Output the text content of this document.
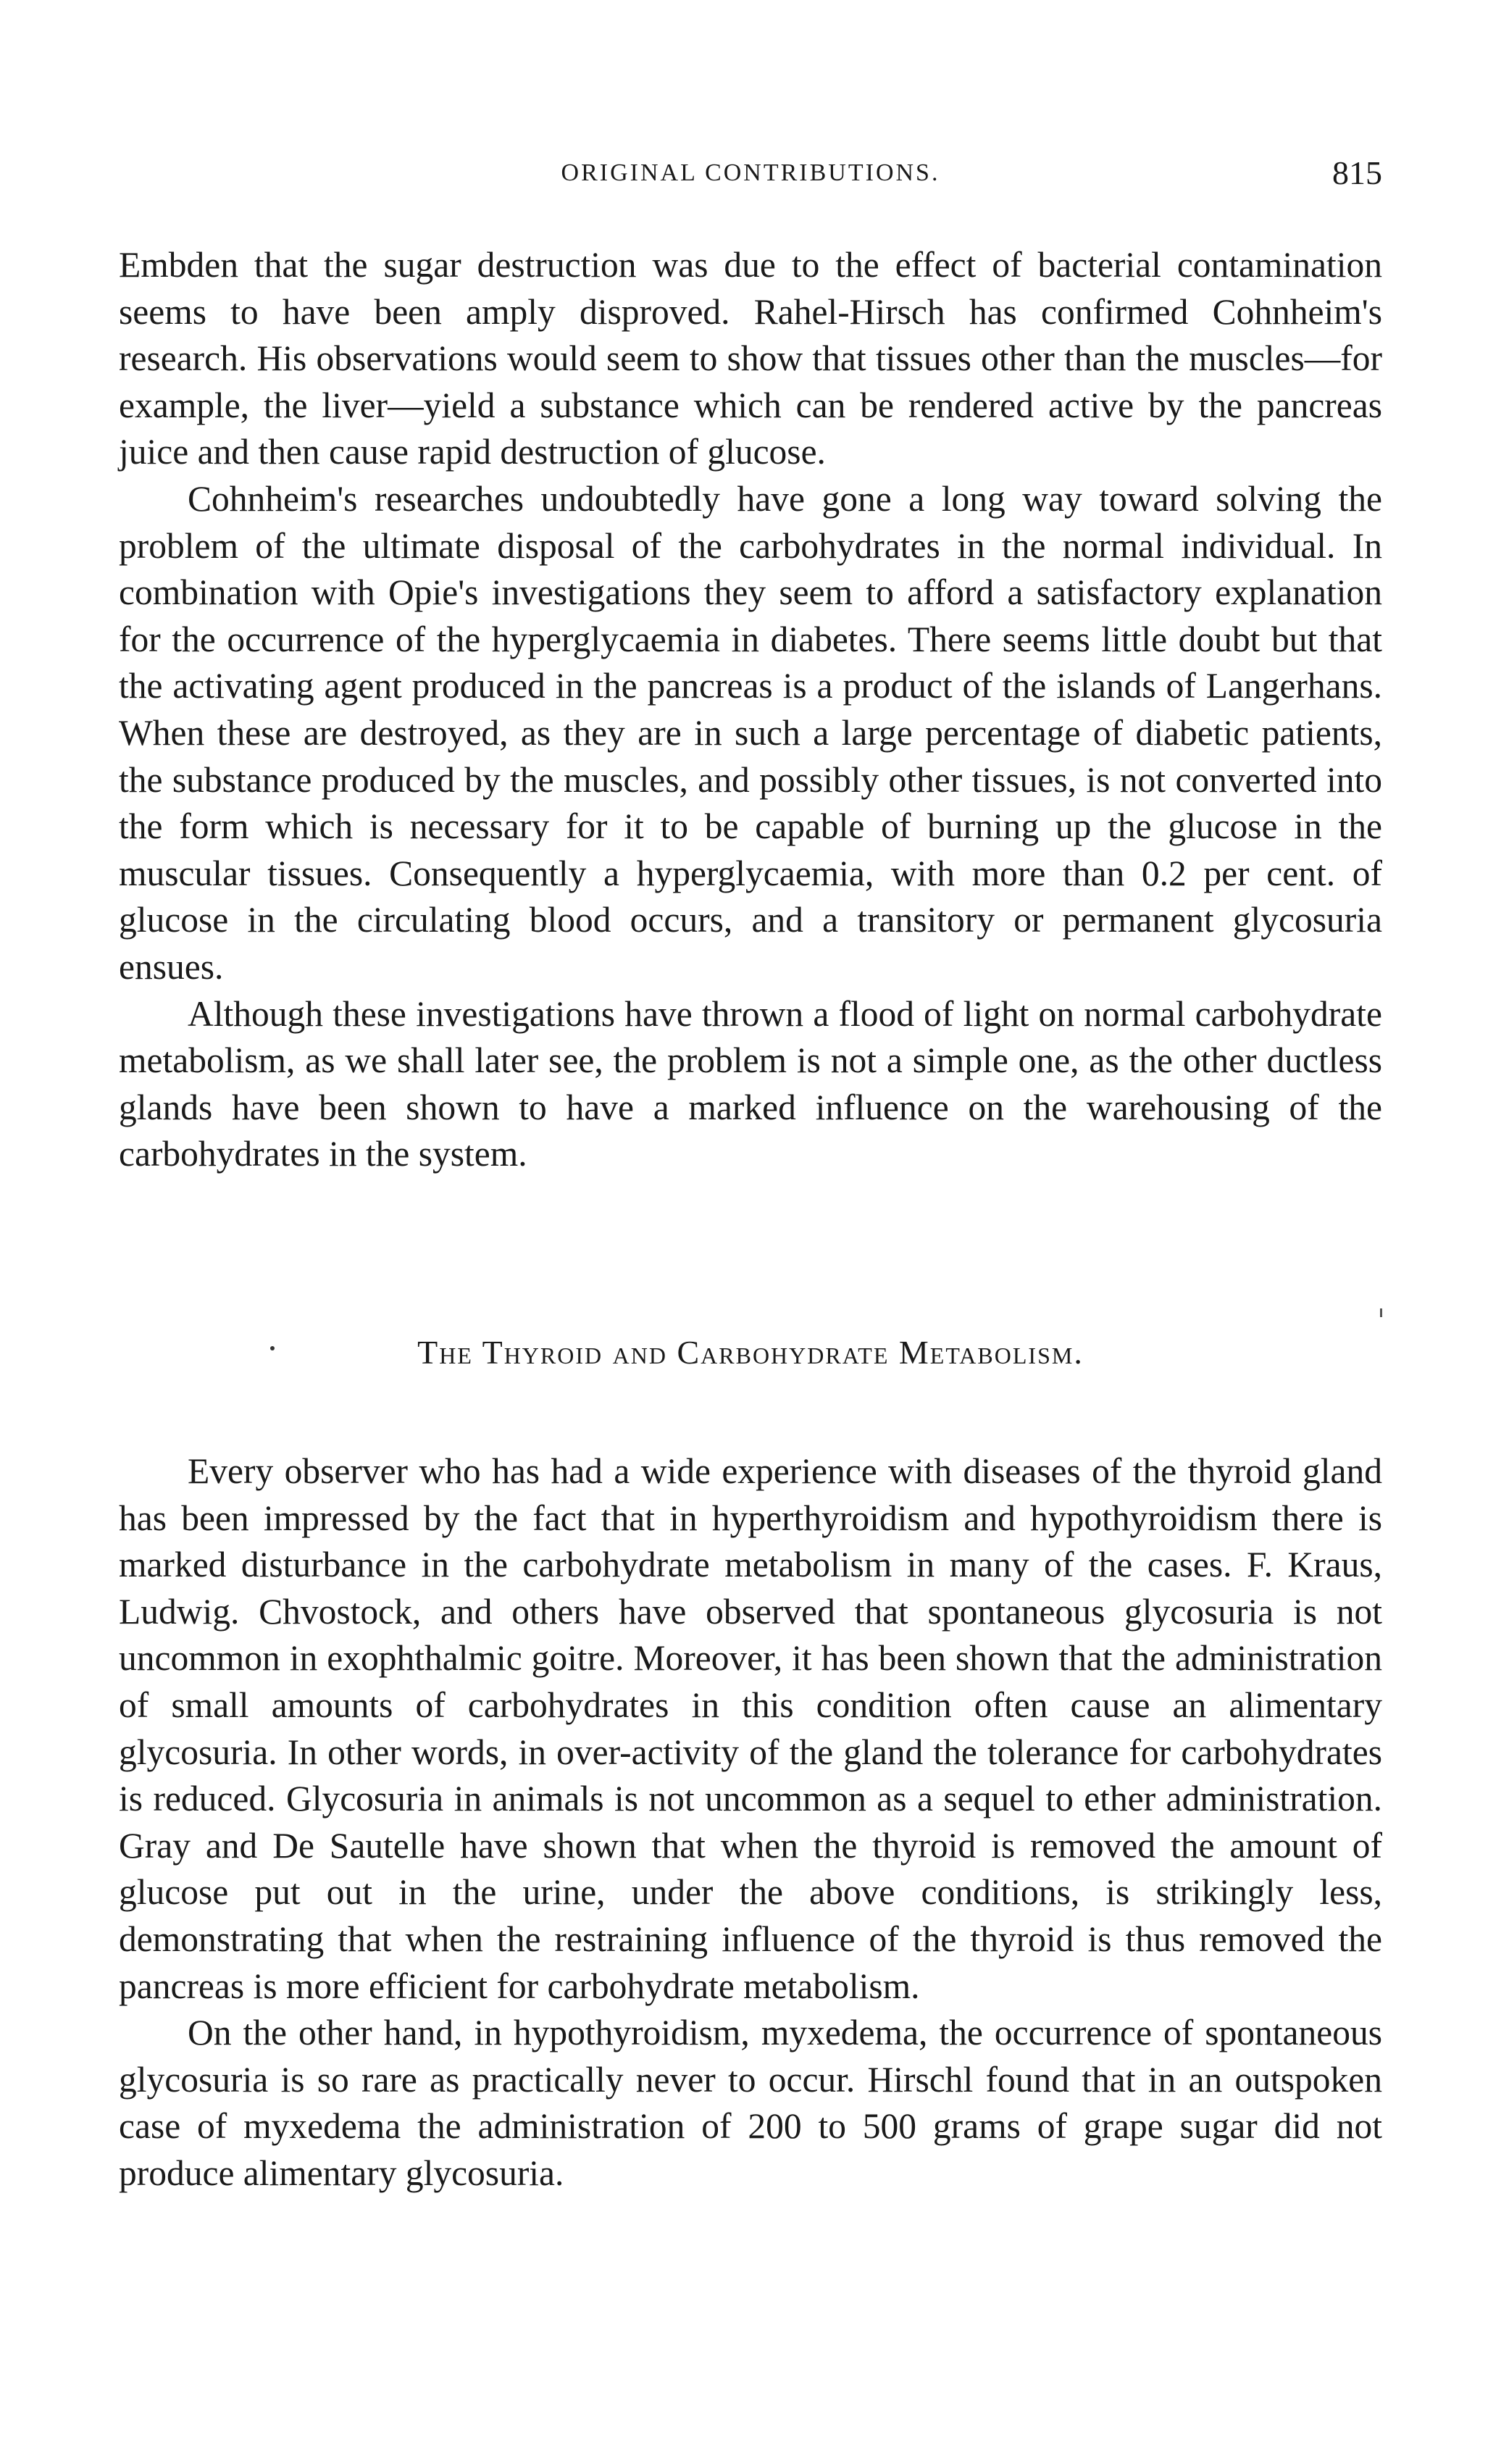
ORIGINAL CONTRIBUTIONS.	815

Embden that the sugar destruction was due to the effect of bacterial contamination seems to have been amply disproved. Rahel-Hirsch has confirmed Cohnheim's research. His observations would seem to show that tissues other than the muscles—for example, the liver—yield a substance which can be rendered active by the pancreas juice and then cause rapid destruction of glucose.

Cohnheim's researches undoubtedly have gone a long way toward solving the problem of the ultimate disposal of the carbohydrates in the normal individual. In combination with Opie's investigations they seem to afford a satisfactory explanation for the occurrence of the hyperglycaemia in diabetes. There seems little doubt but that the activating agent produced in the pancreas is a product of the islands of Langerhans. When these are destroyed, as they are in such a large percentage of diabetic patients, the substance produced by the muscles, and possibly other tissues, is not converted into the form which is necessary for it to be capable of burning up the glucose in the muscular tissues. Consequently a hyperglycaemia, with more than 0.2 per cent. of glucose in the circulating blood occurs, and a transitory or permanent glycosuria ensues.

Although these investigations have thrown a flood of light on normal carbohydrate metabolism, as we shall later see, the problem is not a simple one, as the other ductless glands have been shown to have a marked influence on the warehousing of the carbohydrates in the system.

The Thyroid and Carbohydrate Metabolism.

Every observer who has had a wide experience with diseases of the thyroid gland has been impressed by the fact that in hyperthyroidism and hypothyroidism there is marked disturbance in the carbohydrate metabolism in many of the cases. F. Kraus, Ludwig. Chvostock, and others have observed that spontaneous glycosuria is not uncommon in exophthalmic goitre. Moreover, it has been shown that the administration of small amounts of carbohydrates in this condition often cause an alimentary glycosuria. In other words, in over-activity of the gland the tolerance for carbohydrates is reduced. Glycosuria in animals is not uncommon as a sequel to ether administration. Gray and De Sautelle have shown that when the thyroid is removed the amount of glucose put out in the urine, under the above conditions, is strikingly less, demonstrating that when the restraining influence of the thyroid is thus removed the pancreas is more efficient for carbohydrate metabolism.

On the other hand, in hypothyroidism, myxedema, the occurrence of spontaneous glycosuria is so rare as practically never to occur. Hirschl found that in an outspoken case of myxedema the administration of 200 to 500 grams of grape sugar did not produce alimentary glycosuria.
